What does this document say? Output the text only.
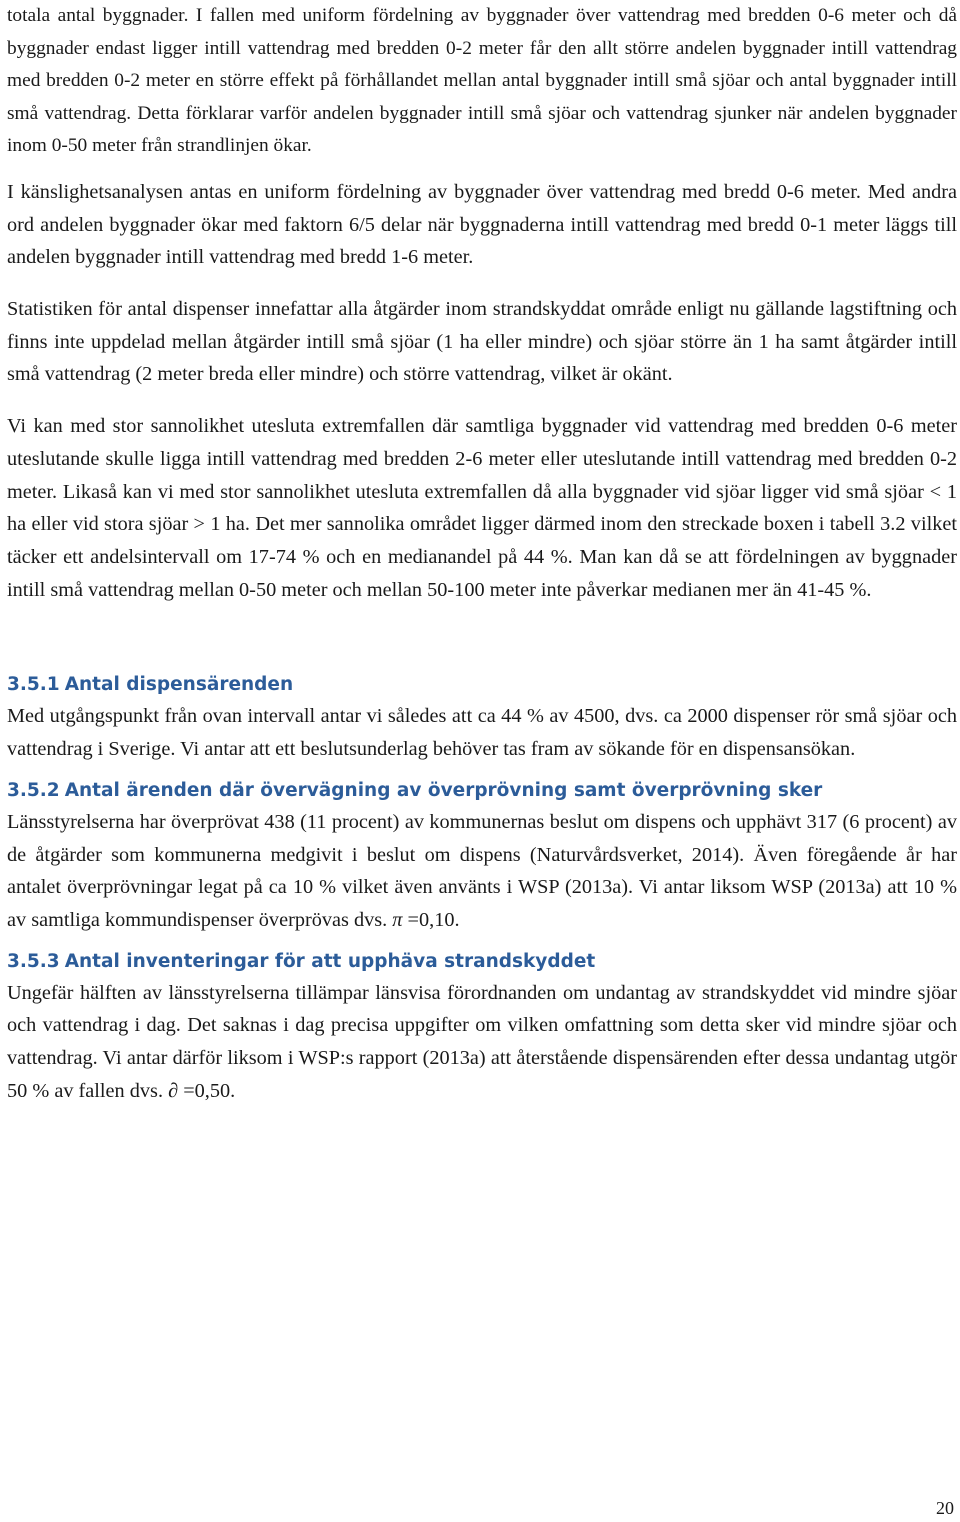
totala antal byggnader. I fallen med uniform fördelning av byggnader över vattendrag med bredden 0-6 meter och då byggnader endast ligger intill vattendrag med bredden 0-2 meter får den allt större andelen byggnader intill vattendrag med bredden 0-2 meter en större effekt på förhållandet mellan antal byggnader intill små sjöar och antal byggnader intill små vattendrag. Detta förklarar varför andelen byggnader intill små sjöar och vattendrag sjunker när andelen byggnader inom 0-50 meter från strandlinjen ökar.

I känslighetsanalysen antas en uniform fördelning av byggnader över vattendrag med bredd 0-6 meter. Med andra ord andelen byggnader ökar med faktorn 6/5 delar när byggnaderna intill vattendrag med bredd 0-1 meter läggs till andelen byggnader intill vattendrag med bredd 1-6 meter.

Statistiken för antal dispenser innefattar alla åtgärder inom strandskyddat område enligt nu gällande lagstiftning och finns inte uppdelad mellan åtgärder intill små sjöar (1 ha eller mindre) och sjöar större än 1 ha samt åtgärder intill små vattendrag (2 meter breda eller mindre) och större vattendrag, vilket är okänt.

Vi kan med stor sannolikhet utesluta extremfallen där samtliga byggnader vid vattendrag med bredden 0-6 meter uteslutande skulle ligga intill vattendrag med bredden 2-6 meter eller uteslutande intill vattendrag med bredden 0-2 meter. Likaså kan vi med stor sannolikhet utesluta extremfallen då alla byggnader vid sjöar ligger vid små sjöar < 1 ha eller vid stora sjöar > 1 ha. Det mer sannolika området ligger därmed inom den streckade boxen i tabell 3.2 vilket täcker ett andelsintervall om 17-74 % och en medianandel på 44 %. Man kan då se att fördelningen av byggnader intill små vattendrag mellan 0-50 meter och mellan 50-100 meter inte påverkar medianen mer än 41-45 %.

3.5.1 Antal dispensärenden

Med utgångspunkt från ovan intervall antar vi således att ca 44 % av 4500, dvs. ca 2000 dispenser rör små sjöar och vattendrag i Sverige. Vi antar att ett beslutsunderlag behöver tas fram av sökande för en dispensansökan.

3.5.2 Antal ärenden där övervägning av överprövning samt överprövning sker

Länsstyrelserna har överprövat 438 (11 procent) av kommunernas beslut om dispens och upphävt 317 (6 procent) av de åtgärder som kommunerna medgivit i beslut om dispens (Naturvårdsverket, 2014). Även föregående år har antalet överprövningar legat på ca 10 % vilket även använts i WSP (2013a). Vi antar liksom WSP (2013a) att 10 % av samtliga kommundispenser överprövas dvs. π =0,10.

3.5.3 Antal inventeringar för att upphäva strandskyddet

Ungefär hälften av länsstyrelserna tillämpar länsvisa förordnanden om undantag av strandskyddet vid mindre sjöar och vattendrag i dag. Det saknas i dag precisa uppgifter om vilken omfattning som detta sker vid mindre sjöar och vattendrag. Vi antar därför liksom i WSP:s rapport (2013a) att återstående dispensärenden efter dessa undantag utgör 50 % av fallen dvs. ∂ =0,50.

20
